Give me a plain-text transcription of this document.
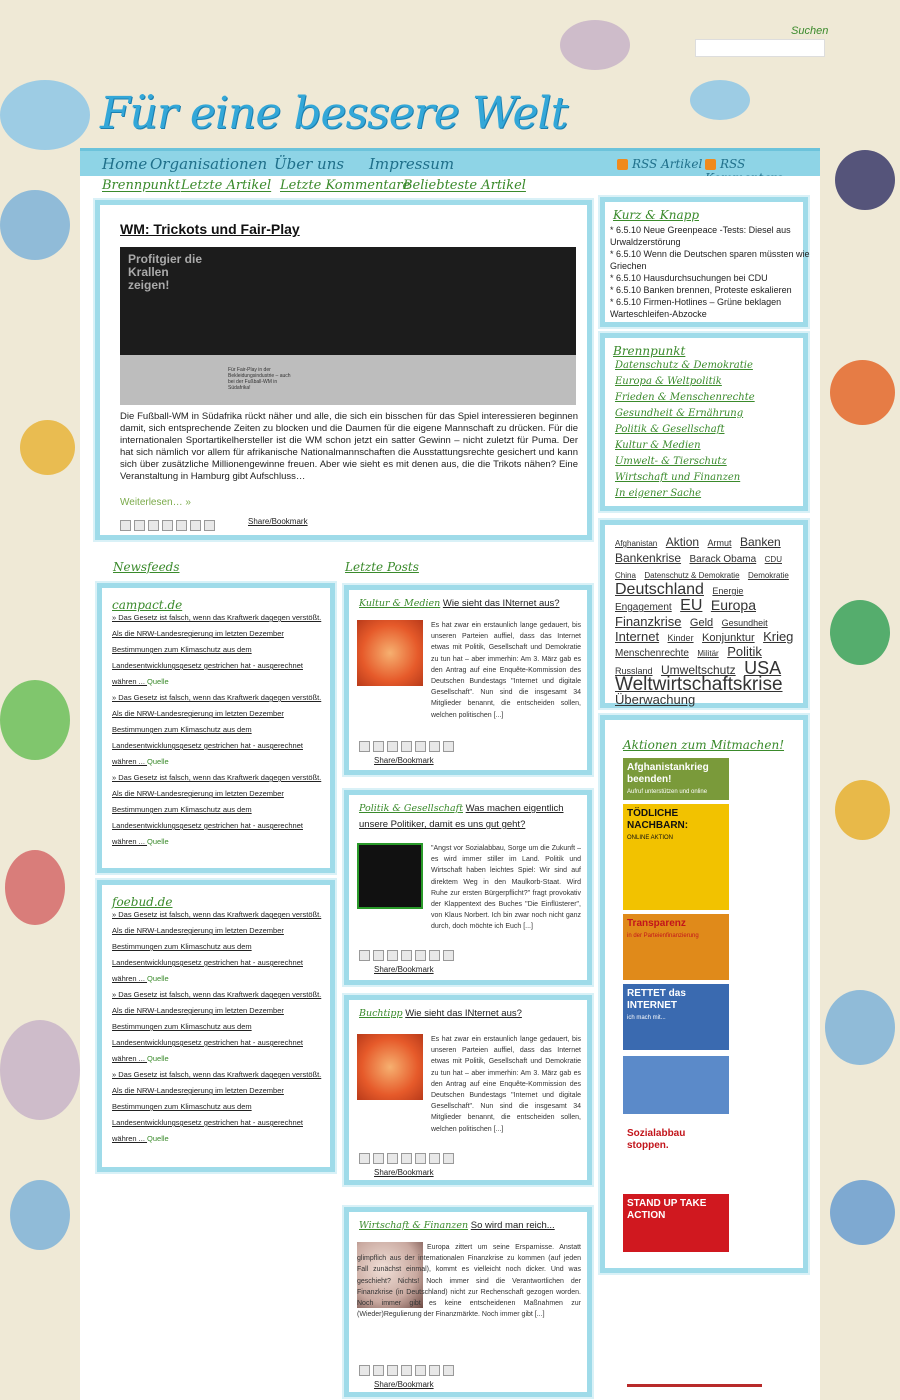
Für eine bessere Welt
Suchen
Home Organisationen Über uns Impressum	RSS Artikel	RSS
Brennpunkt Letzte Artikel Letzte Kommentare
Beliebteste Artikel
WM: Trickots und Fair-Play
Profitgier die Krallen zeigen!
Für Fair-Play in der Bekleidungsindustrie – auch bei der Fußball-WM in Südafrika!
Die Fußball-WM in Südafrika rückt näher und alle, die sich ein bisschen für das Spiel interessieren beginnen damit, sich entsprechende Zeiten zu blocken und die Daumen für die eigene Mannschaft zu drücken. Für die internationalen Sportartikelhersteller ist die WM schon jetzt ein satter Gewinn – nicht zuletzt für Puma. Der hat sich nämlich vor allem für afrikanische Nationalmannschaften die Ausstattungsrechte gesichert und kann sich über zusätzliche Millionengewinne freuen. Aber wie sieht es mit denen aus, die die Trikots nähen? Eine Veranstaltung in Hamburg gibt Aufschluss…
Weiterlesen… »
Share/Bookmark
Newsfeeds	Letzte Posts
campact.de
» Das Gesetz ist falsch, wenn das Kraftwerk dagegen verstößt. Als die NRW-Landesregierung im letzten Dezember Bestimmungen zum Klimaschutz aus dem Landesentwicklungsgesetz gestrichen hat - ausgerechnet währen ... Quelle
» Das Gesetz ist falsch, wenn das Kraftwerk dagegen verstößt. Als die NRW-Landesregierung im letzten Dezember Bestimmungen zum Klimaschutz aus dem Landesentwicklungsgesetz gestrichen hat - ausgerechnet währen ... Quelle
» Das Gesetz ist falsch, wenn das Kraftwerk dagegen verstößt. Als die NRW-Landesregierung im letzten Dezember Bestimmungen zum Klimaschutz aus dem Landesentwicklungsgesetz gestrichen hat - ausgerechnet währen ... Quelle
foebud.de
» Das Gesetz ist falsch, wenn das Kraftwerk dagegen verstößt. Als die NRW-Landesregierung im letzten Dezember Bestimmungen zum Klimaschutz aus dem Landesentwicklungsgesetz gestrichen hat - ausgerechnet währen ... Quelle
» Das Gesetz ist falsch, wenn das Kraftwerk dagegen verstößt. Als die NRW-Landesregierung im letzten Dezember Bestimmungen zum Klimaschutz aus dem Landesentwicklungsgesetz gestrichen hat - ausgerechnet währen ... Quelle
» Das Gesetz ist falsch, wenn das Kraftwerk dagegen verstößt. Als die NRW-Landesregierung im letzten Dezember Bestimmungen zum Klimaschutz aus dem Landesentwicklungsgesetz gestrichen hat - ausgerechnet währen ... Quelle
Kultur & Medien Wie sieht das INternet aus?
Es hat zwar ein erstaunlich lange gedauert, bis unseren Parteien auffiel, dass das Internet etwas mit Politik, Gesellschaft und Demokratie zu tun hat – aber immerhin: Am 3. März gab es den Antrag auf eine Enquête-Kommission des Deutschen Bundestags "Internet und digitale Gesellschaft". Nun sind die insgesamt 34 Mitglieder benannt, die entscheiden sollen, welchen politischen [...]
Share/Bookmark
Politik & Gesellschaft Was machen eigentlich unsere Politiker, damit es uns gut geht?
"Angst vor Sozialabbau, Sorge um die Zukunft – es wird immer stiller im Land. Politik und Wirtschaft haben leichtes Spiel: Wir sind auf direktem Weg in den Maulkorb-Staat. Wird Ruhe zur ersten Bürgerpflicht?" fragt provokativ der Klappentext des Buches "Die Einflüsterer", von Klaus Norbert. Ich bin zwar noch nicht ganz durch, doch möchte ich Euch [...]
Share/Bookmark
Buchtipp Wie sieht das INternet aus?
Es hat zwar ein erstaunlich lange gedauert, bis unseren Parteien auffiel, dass das Internet etwas mit Politik, Gesellschaft und Demokratie zu tun hat – aber immerhin: Am 3. März gab es den Antrag auf eine Enquête-Kommission des Deutschen Bundestags "Internet und digitale Gesellschaft". Nun sind die insgesamt 34 Mitglieder benannt, die entscheiden sollen, welchen politischen [...]
Share/Bookmark
Wirtschaft & Finanzen So wird man reich...
Europa zittert um seine Ersparnisse. Anstatt glimpflich aus der internationalen Finanzkrise zu kommen (auf jeden Fall zunächst einmal), kommt es vielleicht noch dicker. Und was geschieht? Nichts! Noch immer sind die Verantwortlichen der Finanzkrise (in Deutschland) nicht zur Rechenschaft gezogen worden. Noch immer gibt es keine entscheidenen Maßnahmen zur (Wieder)Regulierung der Finanzmärkte. Noch immer gibt [...]
Share/Bookmark
Kurz & Knapp
* 6.5.10 Neue Greenpeace -Tests: Diesel aus Urwaldzerstörung
* 6.5.10 Wenn die Deutschen sparen müssten wie Griechen
* 6.5.10 Hausdurchsuchungen bei CDU
* 6.5.10 Banken brennen, Proteste eskalieren
* 6.5.10 Firmen-Hotlines – Grüne beklagen Warteschleifen-Abzocke
Brennpunkt
Datenschutz & Demokratie
Europa & Weltpolitik
Frieden & Menschenrechte
Gesundheit & Ernährung
Politik & Gesellschaft
Kultur & Medien
Umwelt- & Tierschutz
Wirtschaft und Finanzen
In eigener Sache
Afghanistan Aktion Armut Banken Bankenkrise Barack Obama CDU China Datenschutz & Demokratie Demokratie Deutschland Energie Engagement EU Europa Finanzkrise Geld Gesundheit Internet Kinder Konjunktur Krieg Menschenrechte Militär Politik Russland Umweltschutz USA Weltwirtschaftskrise Überwachung
Aktionen zum Mitmachen!
Afghanistankrieg beenden!
Aufruf unterstützen und online
TÖDLICHE NACHBARN:
ONLINE AKTION
Transparenz
in der Parteienfinanzierung
RETTET das INTERNET
ich mach mit...
Sozialabbau stoppen.
STAND UP TAKE ACTION
